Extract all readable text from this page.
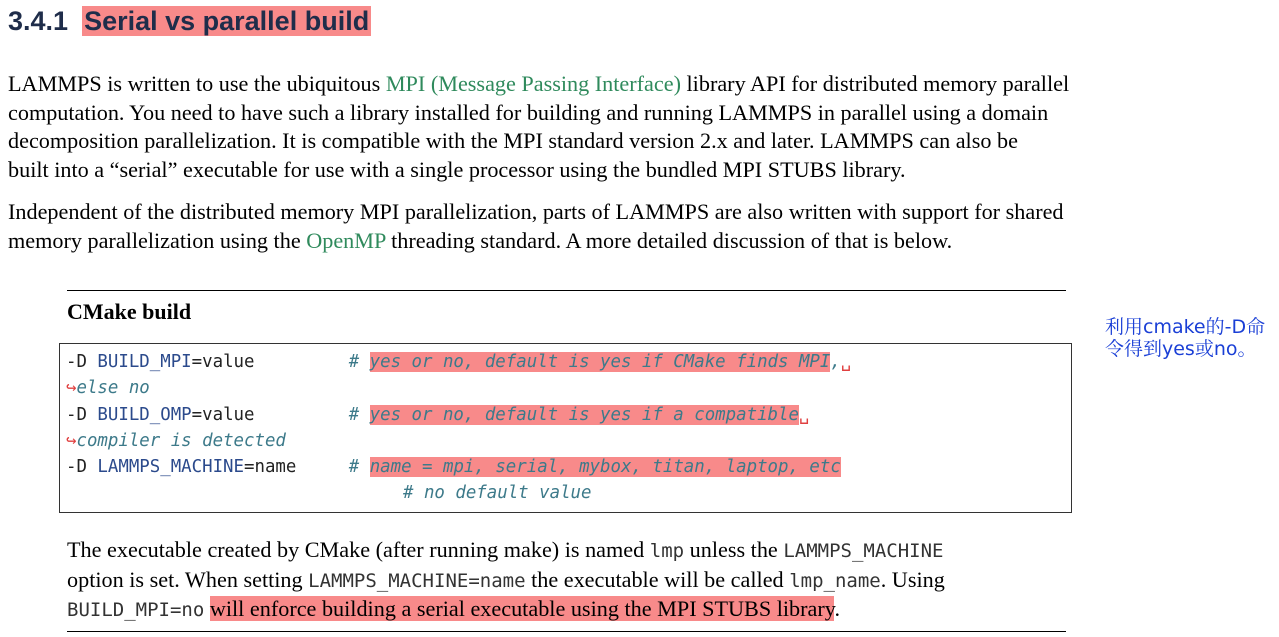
3.4.1 Serial vs parallel build

LAMMPS is written to use the ubiquitous MPI (Message Passing Interface) library API for distributed memory parallel
computation. You need to have such a library installed for building and running LAMMPS in parallel using a domain
decomposition parallelization. It is compatible with the MPI standard version 2.x and later. LAMMPS can also be
built into a “serial” executable for use with a single processor using the bundled MPI STUBS library.

Independent of the distributed memory MPI parallelization, parts of LAMMPS are also written with support for shared
memory parallelization using the OpenMP threading standard. A more detailed discussion of that is below.

CMake build
-D BUILD_MPI=value	# yes or no, default is yes if CMake finds MPI,␣
↪else no
-D BUILD_OMP=value	# yes or no, default is yes if a compatible␣
↪compiler is detected
-D LAMMPS_MACHINE=name	# name = mpi, serial, mybox, titan, laptop, etc
# no default value
利用cmake的-D命令得到yes或no。

The executable created by CMake (after running make) is named lmp unless the LAMMPS_MACHINE
option is set. When setting LAMMPS_MACHINE=name the executable will be called lmp_name. Using
BUILD_MPI=no will enforce building a serial executable using the MPI STUBS library.
